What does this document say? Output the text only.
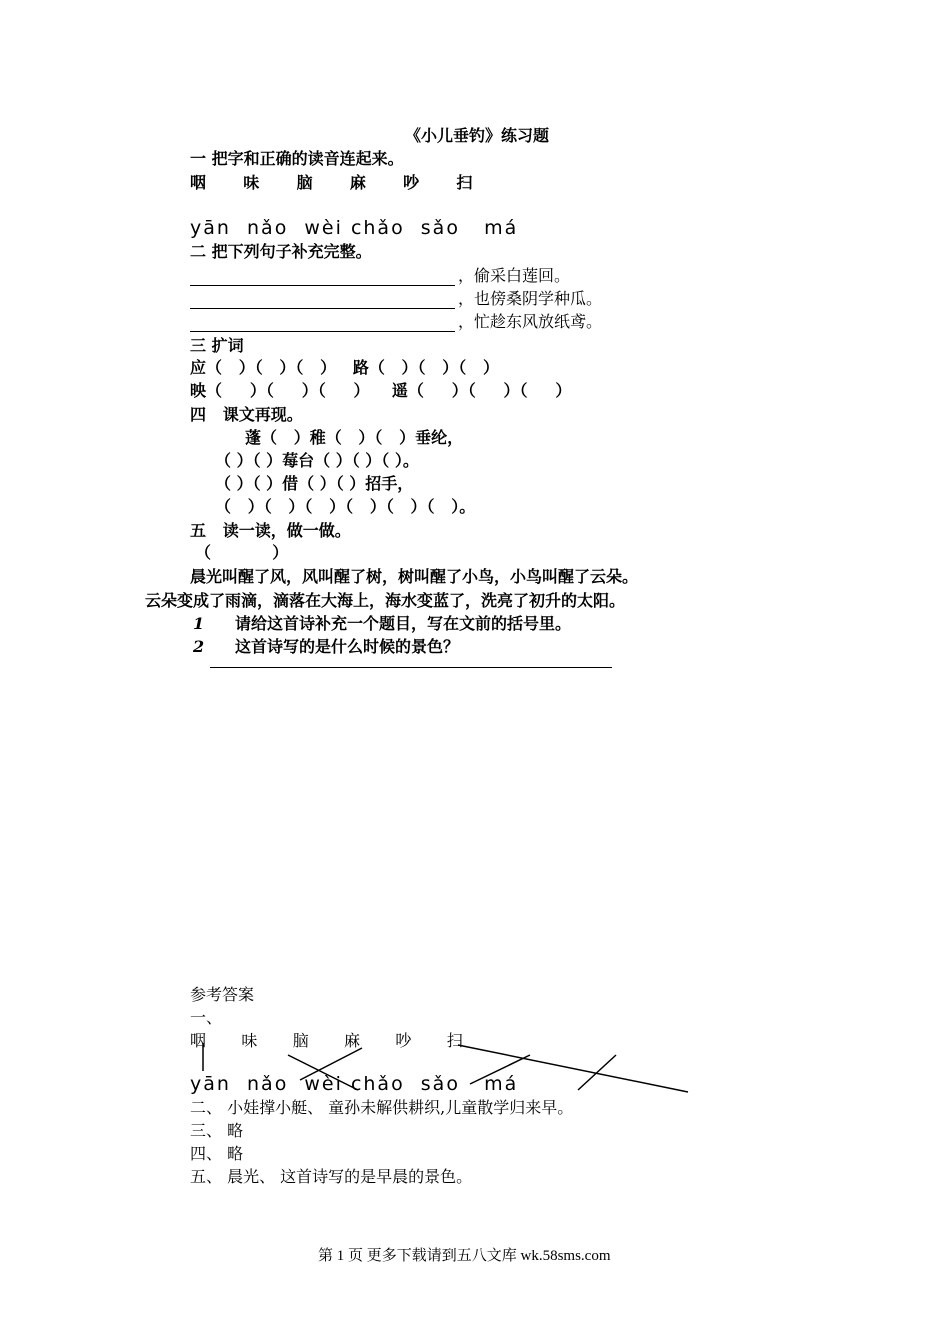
《小儿垂钓》练习题
一 把字和正确的读音连起来。
咽    味    脑    麻    吵    扫
yān  nǎo  wèi chǎo  sǎo   má
二 把下列句子补充完整。
，偷采白莲回。
，也傍桑阴学种瓜。
，忙趁东风放纸鸢。
三 扩词
应（   ）（   ）（   ）   路（   ）（   ）（   ）
映（     ）（     ）（     ）    遥（     ）（     ）（     ）
四   课文再现。
蓬（   ）稚（   ）（   ）垂纶，
（ ）（ ）莓台（ ）（ ）（ ）。
（ ）（ ）借（ ）（ ）招手，
（   ）（   ）（   ）（   ）（   ）（   ）。
五   读一读，做一做。
（           ）
晨光叫醒了风，风叫醒了树，树叫醒了小鸟，小鸟叫醒了云朵。
云朵变成了雨滴，滴落在大海上，海水变蓝了，洗亮了初升的太阳。
1 请给这首诗补充一个题目，写在文前的括号里。
2 这首诗写的是什么时候的景色？
参考答案
一、
咽    味    脑    麻    吵    扫
yān  nǎo  wèi chǎo  sǎo   má
二、 小娃撑小艇、 童孙未解供耕织,儿童散学归来早。
三、 略
四、 略
五、 晨光、 这首诗写的是早晨的景色。
第 1 页 更多下载请到五八文库 wk.58sms.com
